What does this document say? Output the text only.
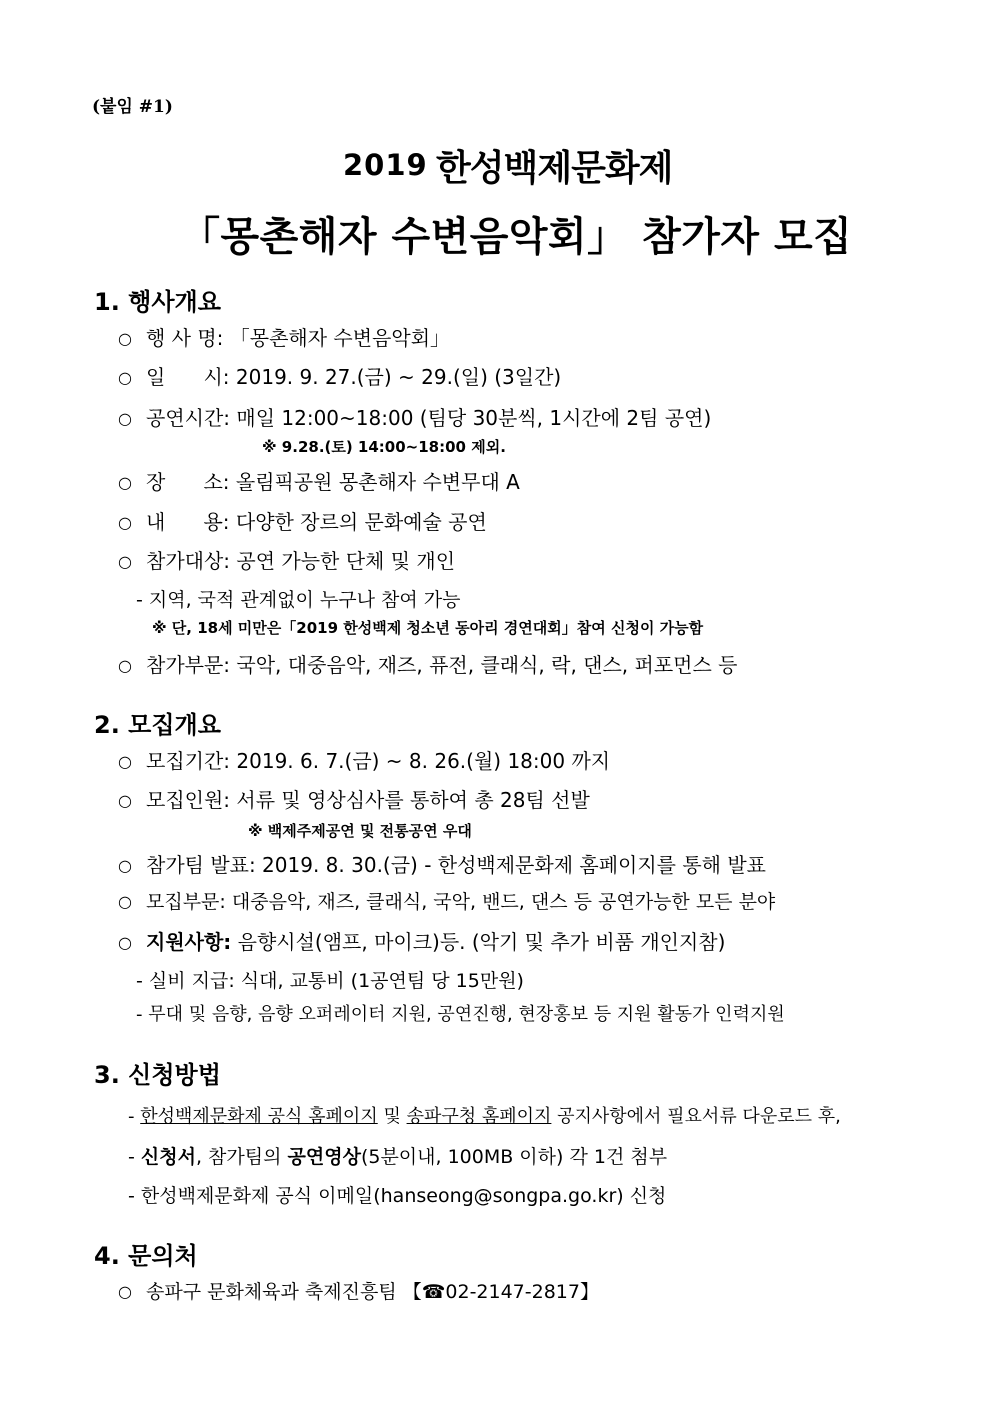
(붙임 #1)
2019 한성백제문화제
「몽촌해자 수변음악회」 참가자 모집
1. 행사개요
○ 행 사 명: 「몽촌해자 수변음악회」
○ 일      시: 2019. 9. 27.(금) ~ 29.(일) (3일간)
○ 공연시간: 매일 12:00~18:00 (팀당 30분씩, 1시간에 2팀 공연)
※ 9.28.(토) 14:00~18:00 제외.
○ 장      소: 올림픽공원 몽촌해자 수변무대 A
○ 내      용: 다양한 장르의 문화예술 공연
○ 참가대상: 공연 가능한 단체 및 개인
- 지역, 국적 관계없이 누구나 참여 가능
※ 단, 18세 미만은「2019 한성백제 청소년 동아리 경연대회」참여 신청이 가능함
○ 참가부문: 국악, 대중음악, 재즈, 퓨전, 클래식, 락, 댄스, 퍼포먼스 등
2. 모집개요
○ 모집기간: 2019. 6. 7.(금) ~ 8. 26.(월) 18:00 까지
○ 모집인원: 서류 및 영상심사를 통하여 총 28팀 선발
※ 백제주제공연 및 전통공연 우대
○ 참가팀 발표: 2019. 8. 30.(금) - 한성백제문화제 홈페이지를 통해 발표
○ 모집부문: 대중음악, 재즈, 클래식, 국악, 밴드, 댄스 등 공연가능한 모든 분야
○ 지원사항: 음향시설(앰프, 마이크)등. (악기 및 추가 비품 개인지참)
- 실비 지급: 식대, 교통비 (1공연팀 당 15만원)
- 무대 및 음향, 음향 오퍼레이터 지원, 공연진행, 현장홍보 등 지원 활동가 인력지원
3. 신청방법
- 한성백제문화제 공식 홈페이지 및 송파구청 홈페이지 공지사항에서 필요서류 다운로드 후,
- 신청서, 참가팀의 공연영상(5분이내, 100MB 이하) 각 1건 첨부
- 한성백제문화제 공식 이메일(hanseong@songpa.go.kr) 신청
4. 문의처
○ 송파구 문화체육과 축제진흥팀 【☎02-2147-2817】
